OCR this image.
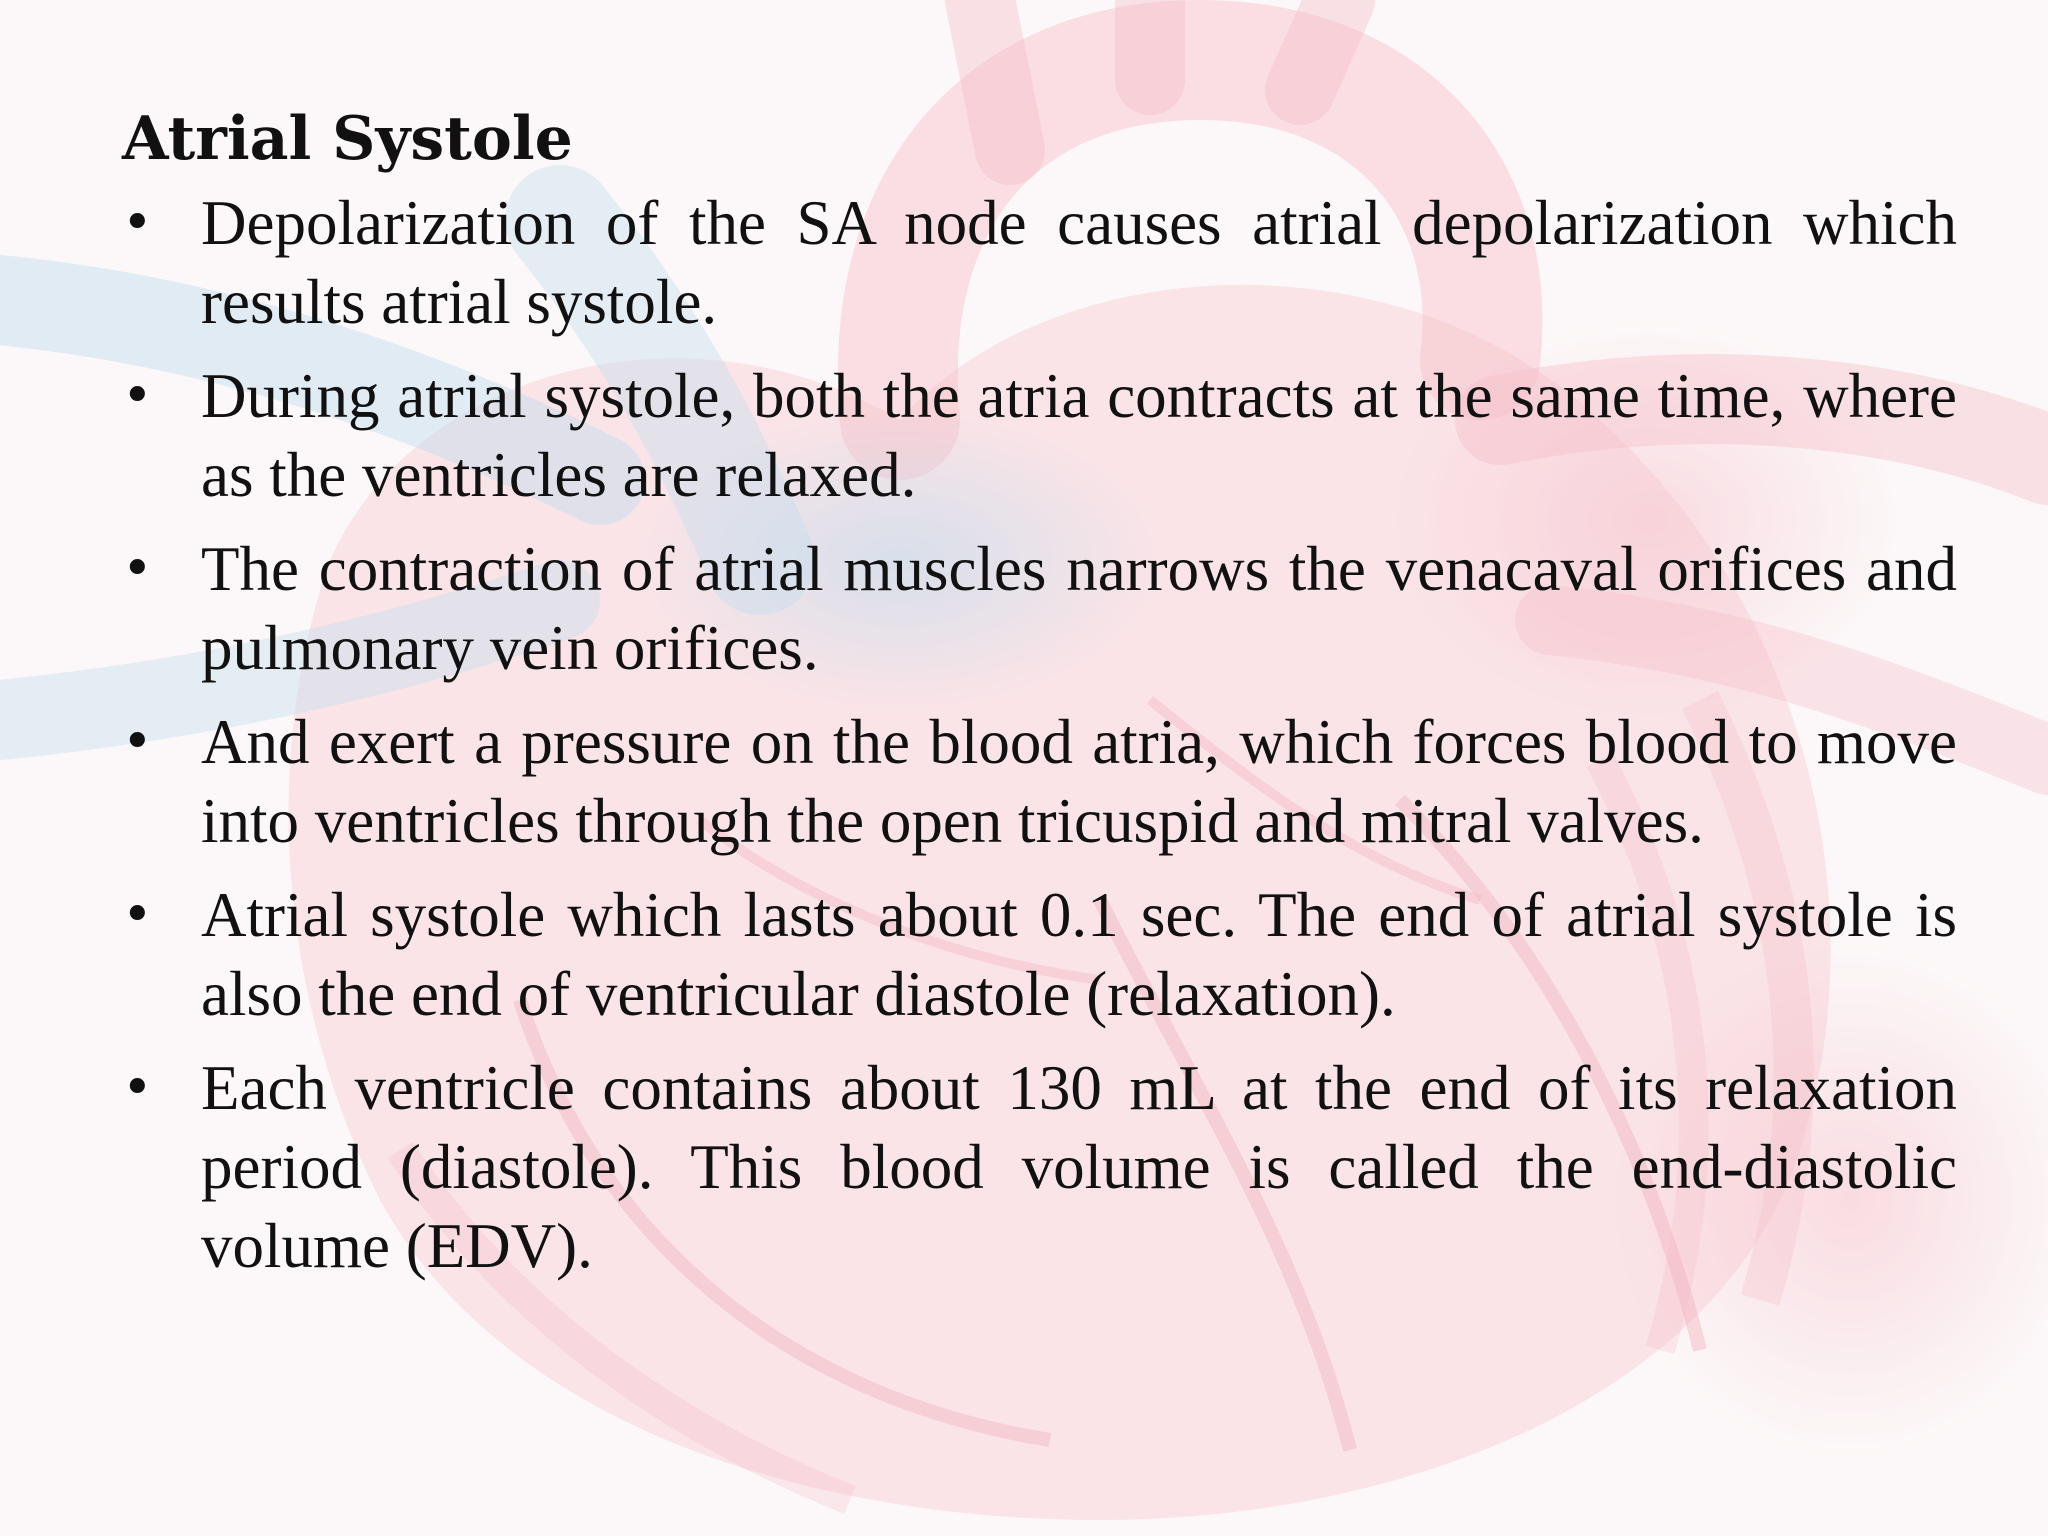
Atrial Systole
• Depolarization of the SA node causes atrial depolarization which results atrial systole.
• During atrial systole, both the atria contracts at the same time, where as the ventricles are relaxed.
• The contraction of atrial muscles narrows the venacaval orifices and pulmonary vein orifices.
• And exert a pressure on the blood atria, which forces blood to move into ventricles through the open tricuspid and mitral valves.
• Atrial systole which lasts about 0.1 sec. The end of atrial systole is also the end of ventricular diastole (relaxation).
• Each ventricle contains about 130 mL at the end of its relaxation period (diastole). This blood volume is called the end-diastolic volume (EDV).
